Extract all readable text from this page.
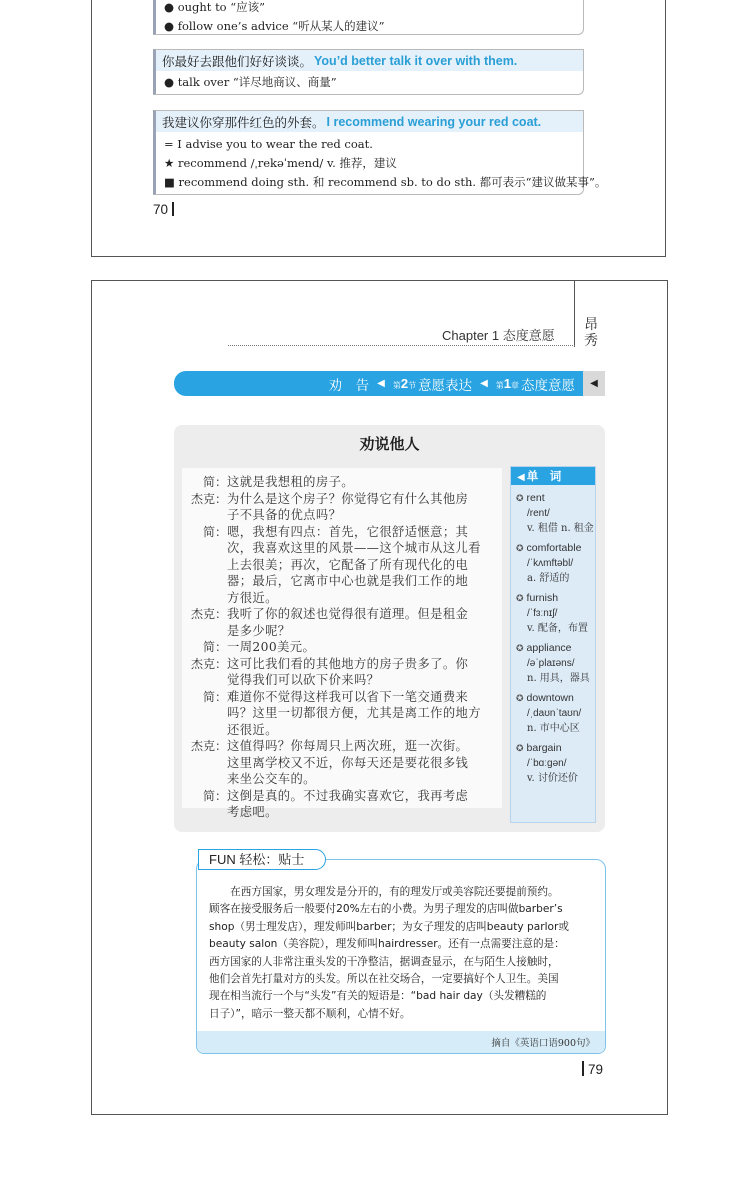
● ought to “应该”
● follow one’s advice “听从某人的建议”
你最好去跟他们好好谈谈。 You’d better talk it over with them.
● talk over “详尽地商议、商量”
我建议你穿那件红色的外套。 I recommend wearing your red coat.
= I advise you to wear the red coat.
★ recommend /ˌrekəˈmend/ v. 推荐，建议
■ recommend doing sth. 和 recommend sb. to do sth. 都可表示“建议做某事”。
70
Chapter 1 态度意愿
昂
秀
劝　告 ◀ 第2节 意愿表达 ◀ 第1章 态度意愿	◀
劝说他人
简： 这就是我想租的房子。
杰克： 为什么是这个房子？你觉得它有什么其他房
子不具备的优点吗？
简： 嗯，我想有四点：首先，它很舒适惬意；其
次，我喜欢这里的风景——这个城市从这儿看
上去很美；再次，它配备了所有现代化的电
器；最后，它离市中心也就是我们工作的地
方很近。
杰克： 我听了你的叙述也觉得很有道理。但是租金
是多少呢？
简： 一周200美元。
杰克： 这可比我们看的其他地方的房子贵多了。你
觉得我们可以砍下价来吗？
简： 难道你不觉得这样我可以省下一笔交通费来
吗？这里一切都很方便，尤其是离工作的地方
还很近。
杰克： 这值得吗？你每周只上两次班，逛一次街。
这里离学校又不近，你每天还是要花很多钱
来坐公交车的。
简： 这倒是真的。不过我确实喜欢它，我再考虑
考虑吧。
◀ 单　词
✪ rent
/rent/
v. 租借 n. 租金
✪ comfortable
/ˈkʌmftəbl/
a. 舒适的
✪ furnish
/ˈfɜːnɪʃ/
v. 配备，布置
✪ appliance
/əˈplaɪəns/
n. 用具，器具
✪ downtown
/ˌdaʊnˈtaʊn/
n. 市中心区
✪ bargain
/ˈbɑːgən/
v. 讨价还价
　　在西方国家，男女理发是分开的，有的理发厅或美容院还要提前预约。
顾客在接受服务后一般要付20%左右的小费。为男子理发的店叫做barber’s
shop（男士理发店），理发师叫barber；为女子理发的店叫beauty parlor或
beauty salon（美容院），理发师叫hairdresser。还有一点需要注意的是：
西方国家的人非常注重头发的干净整洁，据调查显示，在与陌生人接触时，
他们会首先打量对方的头发。所以在社交场合，一定要搞好个人卫生。美国
现在相当流行一个与“头发”有关的短语是：“bad hair day（头发糟糕的
日子）”，暗示一整天都不顺利，心情不好。
摘自《英语口语900句》
FUN 轻松：贴士
79
